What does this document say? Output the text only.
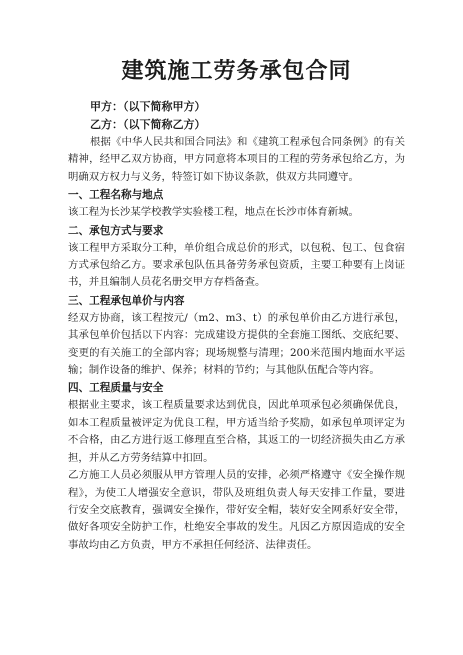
建筑施工劳务承包合同
甲方：（以下简称甲方）
乙方：（以下简称乙方）

根据《中华人民共和国合同法》和《建筑工程承包合同条例》的有关精神，经甲乙双方协商，甲方同意将本项目的工程的劳务承包给乙方，为明确双方权力与义务，特签订如下协议条款，供双方共同遵守。

一、工程名称与地点

该工程为长沙某学校教学实验楼工程，地点在长沙市体育新城。

二、承包方式与要求

该工程甲方采取分工种，单价组合成总价的形式，以包税、包工、包食宿方式承包给乙方。要求承包队伍具备劳务承包资质，主要工种要有上岗证书，并且编制人员花名册交甲方存档备查。

三、工程承包单价与内容

经双方协商，该工程按元/（m2、m3、t）的承包单价由乙方进行承包，其承包单价包括以下内容：完成建设方提供的全套施工图纸、交底纪要、变更的有关施工的全部内容；现场规整与清理；200米范围内地面水平运输；制作设备的维护、保养；材料的节约；与其他队伍配合等内容。

四、工程质量与安全

根据业主要求，该工程质量要求达到优良，因此单项承包必须确保优良，如本工程质量被评定为优良工程，甲方适当给予奖励，如承包单项评定为不合格，由乙方进行返工修理直至合格，其返工的一切经济损失由乙方承担，并从乙方劳务结算中扣回。

乙方施工人员必须服从甲方管理人员的安排，必须严格遵守《安全操作规程》，为使工人增强安全意识，带队及班组负责人每天安排工作量，要进行安全交底教育，强调安全操作，带好安全帽，装好安全网系好安全带，做好各项安全防护工作，杜绝安全事故的发生。凡因乙方原因造成的安全事故均由乙方负责，甲方不承担任何经济、法律责任。
